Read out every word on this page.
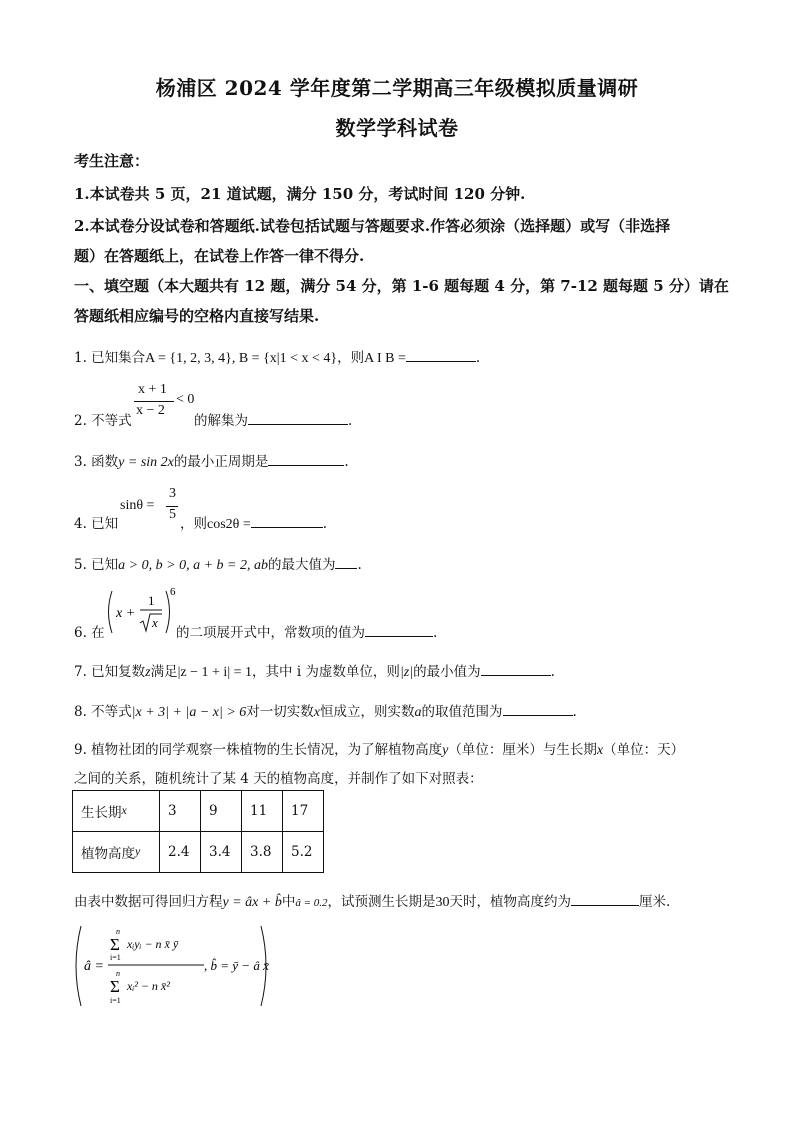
杨浦区 2024 学年度第二学期高三年级模拟质量调研
数学学科试卷
考生注意：
1.本试卷共 5 页，21 道试题，满分 150 分，考试时间 120 分钟.
2.本试卷分设试卷和答题纸.试卷包括试题与答题要求.作答必须涂（选择题）或写（非选择
题）在答题纸上，在试卷上作答一律不得分.
一、填空题（本大题共有 12 题，满分 54 分，第 1-6 题每题 4 分，第 7-12 题每题 5 分）请在
答题纸相应编号的空格内直接写结果.
1. 已知集合A = {1, 2, 3, 4}, B = {x|1 < x < 4}，则A I B =	.
2. 不等式
x + 1
x − 2
< 0
的解集为	.
3. 函数y = sin 2x的最小正周期是	.
4. 已知
sinθ =
3
5
，则cos2θ =	.
5. 已知a > 0, b > 0, a + b = 2, ab的最大值为 .
6. 在
x +
1
x
6
的二项展开式中，常数项的值为	.
7. 已知复数z满足|z − 1 + i| = 1，其中 i 为虚数单位，则|z|的最小值为	.
8. 不等式|x + 3| + |a − x| > 6对一切实数x恒成立，则实数a的取值范围为	.
9. 植物社团的同学观察一株植物的生长情况，为了解植物高度y（单位：厘米）与生长期x（单位：天）
之间的关系，随机统计了某 4 天的植物高度，并制作了如下对照表：
生长期x	3	9	11	17
植物高度y	2.4	3.4	3.8	5.2
由表中数据可得回归方程y = âx + b̂中â = 0.2，试预测生长期是30天时，植物高度约为	厘米.
â =
n
Σ
i=1
xᵢyᵢ − n x̄ ȳ
n
Σ
i=1
xᵢ² − n x̄²
, b̂ = ȳ − â x̄
